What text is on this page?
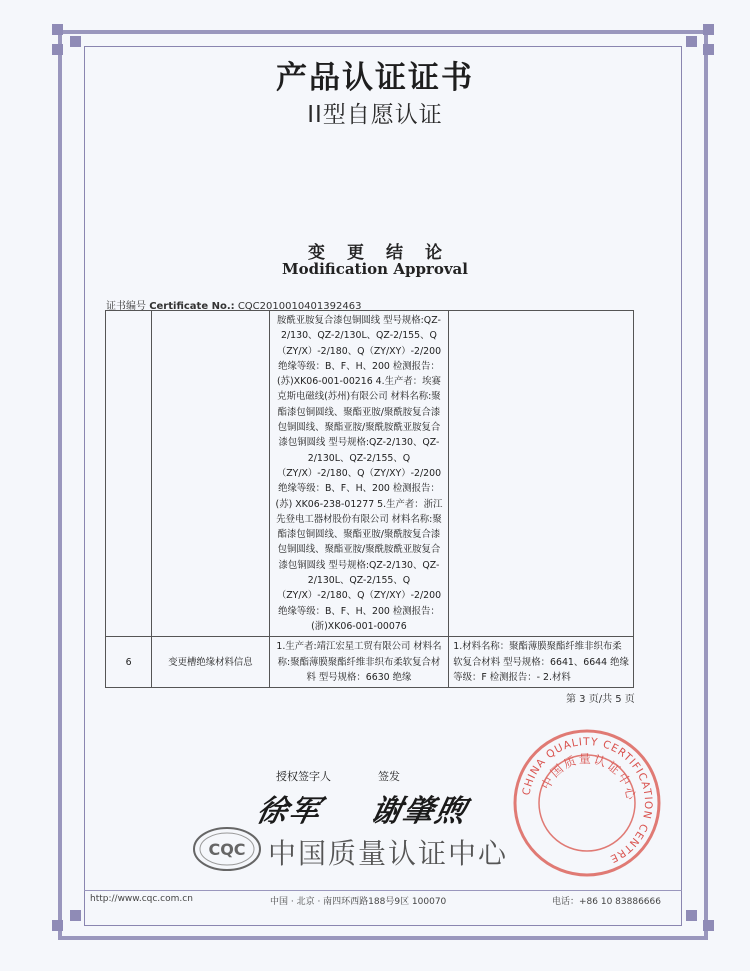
产品认证证书
II型自愿认证
变更结论
Modification Approval
证书编号 Certificate No.: CQC2010010401392463
		胺酰亚胺复合漆包铜圆线 型号规格:QZ-2/130、QZ-2/130L、QZ-2/155、Q（ZY/X）-2/180、Q（ZY/XY）-2/200 绝缘等级：B、F、H、200 检测报告：(苏)XK06-001-00216 4.生产者：埃赛克斯电磁线(苏州)有限公司 材料名称:聚酯漆包铜圆线、聚酯亚胺/聚酰胺复合漆包铜圆线、聚酯亚胺/聚酰胺酰亚胺复合漆包铜圆线 型号规格:QZ-2/130、QZ-2/130L、QZ-2/155、Q（ZY/X）-2/180、Q（ZY/XY）-2/200 绝缘等级：B、F、H、200 检测报告：(苏) XK06-238-01277 5.生产者：浙江先登电工器材股份有限公司 材料名称:聚酯漆包铜圆线、聚酯亚胺/聚酰胺复合漆包铜圆线、聚酯亚胺/聚酰胺酰亚胺复合漆包铜圆线 型号规格:QZ-2/130、QZ-2/130L、QZ-2/155、Q（ZY/X）-2/180、Q（ZY/XY）-2/200 绝缘等级：B、F、H、200 检测报告：(浙)XK06-001-00076	
6	变更槽绝缘材料信息	1.生产者:靖江宏星工贸有限公司 材料名称:聚酯薄膜聚酯纤维非织布柔软复合材料 型号规格：6630 绝缘	1.材料名称：聚酯薄膜聚酯纤维非织布柔软复合材料 型号规格：6641、6644 绝缘等级：F 检测报告：- 2.材料
第 3 页/共 5 页
授权签字人	签发
徐军 谢肇煦
CQC 中国质量认证中心
CHINA QUALITY CERTIFICATION CENTRE
中国质量认证中心
http://www.cqc.com.cn	中国 · 北京 · 南四环西路188号9区 100070	电话：+86 10 83886666
